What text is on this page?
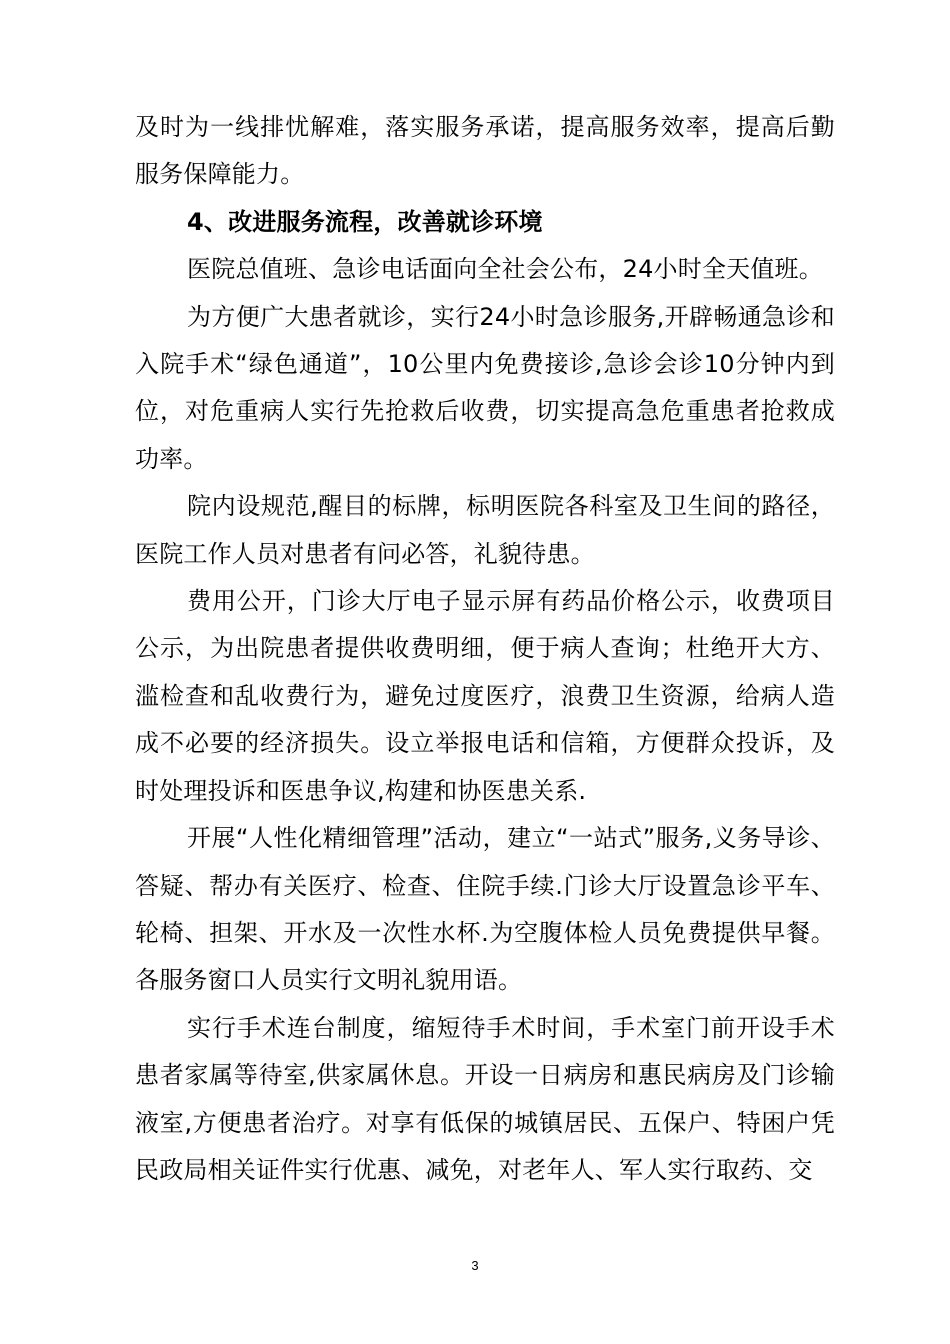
及时为一线排忧解难，落实服务承诺，提高服务效率，提高后勤服务保障能力。

4、改进服务流程，改善就诊环境

医院总值班、急诊电话面向全社会公布，24小时全天值班。

为方便广大患者就诊，实行24小时急诊服务,开辟畅通急诊和入院手术“绿色通道”，10公里内免费接诊,急诊会诊10分钟内到位，对危重病人实行先抢救后收费，切实提高急危重患者抢救成功率。

院内设规范,醒目的标牌，标明医院各科室及卫生间的路径，医院工作人员对患者有问必答，礼貌待患。

费用公开，门诊大厅电子显示屏有药品价格公示，收费项目公示，为出院患者提供收费明细，便于病人查询；杜绝开大方、滥检查和乱收费行为，避免过度医疗，浪费卫生资源，给病人造成不必要的经济损失。设立举报电话和信箱，方便群众投诉，及时处理投诉和医患争议,构建和协医患关系.

开展“人性化精细管理”活动，建立“一站式”服务,义务导诊、答疑、帮办有关医疗、检查、住院手续.门诊大厅设置急诊平车、轮椅、担架、开水及一次性水杯.为空腹体检人员免费提供早餐。各服务窗口人员实行文明礼貌用语。

实行手术连台制度，缩短待手术时间，手术室门前开设手术患者家属等待室,供家属休息。开设一日病房和惠民病房及门诊输液室,方便患者治疗。对享有低保的城镇居民、五保户、特困户凭民政局相关证件实行优惠、减免，对老年人、军人实行取药、交

3
